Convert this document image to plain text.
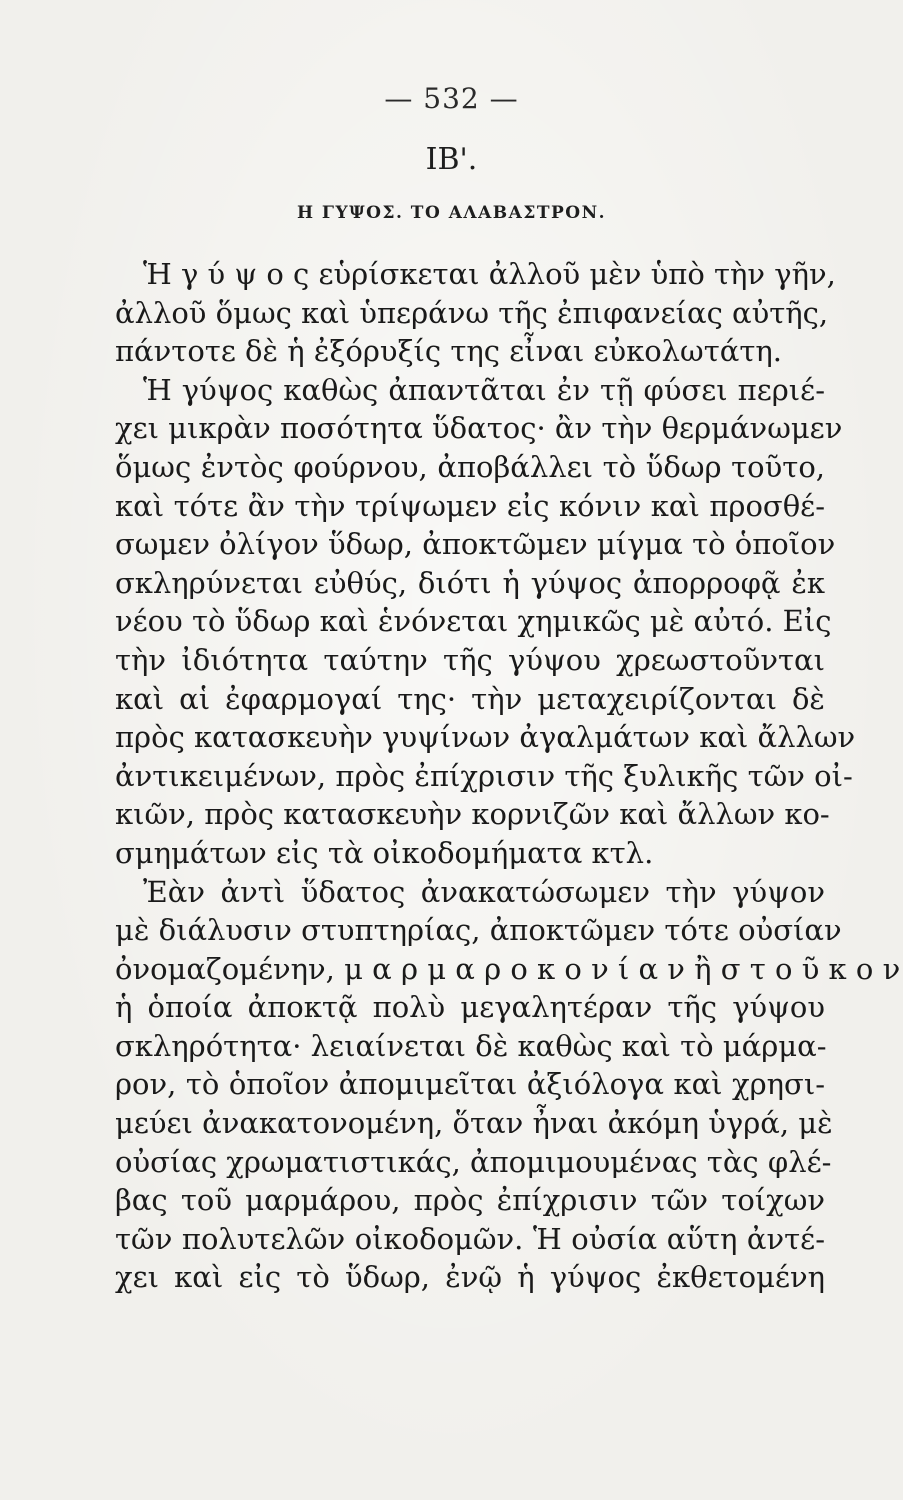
— 532 —
IΒ'.
Η ΓΥΨΟΣ. ΤΟ ΑΛΑΒΑΣΤΡΟΝ.
Ἡ γ ύ ψ ο ς εὑρίσκεται ἀλλοῦ μὲν ὑπὸ τὴν γῆν,
ἀλλοῦ ὅμως καὶ ὑπεράνω τῆς ἐπιφανείας αὐτῆς,
πάντοτε δὲ ἡ ἐξόρυξίς της εἶναι εὐκολωτάτη.
Ἡ γύψος καθὼς ἀπαντᾶται ἐν τῇ φύσει περιέ-
χει μικρὰν ποσότητα ὕδατος· ἂν τὴν θερμάνωμεν
ὅμως ἐντὸς φούρνου, ἀποβάλλει τὸ ὕδωρ τοῦτο,
καὶ τότε ἂν τὴν τρίψωμεν εἰς κόνιν καὶ προσθέ-
σωμεν ὀλίγον ὕδωρ, ἀποκτῶμεν μίγμα τὸ ὁποῖον
σκληρύνεται εὐθύς, διότι ἡ γύψος ἀπορροφᾷ ἐκ
νέου τὸ ὕδωρ καὶ ἑνόνεται χημικῶς μὲ αὐτό. Εἰς
τὴν ἰδιότητα ταύτην τῆς γύψου χρεωστοῦνται
καὶ αἱ ἐφαρμογαί της· τὴν μεταχειρίζονται δὲ
πρὸς κατασκευὴν γυψίνων ἀγαλμάτων καὶ ἄλλων
ἀντικειμένων, πρὸς ἐπίχρισιν τῆς ξυλικῆς τῶν οἰ-
κιῶν, πρὸς κατασκευὴν κορνιζῶν καὶ ἄλλων κο-
σμημάτων εἰς τὰ οἰκοδομήματα κτλ.
Ἐὰν ἀντὶ ὕδατος ἀνακατώσωμεν τὴν γύψον
μὲ διάλυσιν στυπτηρίας, ἀποκτῶμεν τότε οὐσίαν
ὀνομαζομένην, μ α ρ μ α ρ ο κ ο ν ί α ν ἢ σ τ ο ῦ κ ο ν
ἡ ὁποία ἀποκτᾷ πολὺ μεγαλητέραν τῆς γύψου
σκληρότητα· λειαίνεται δὲ καθὼς καὶ τὸ μάρμα-
ρον, τὸ ὁποῖον ἀπομιμεῖται ἀξιόλογα καὶ χρησι-
μεύει ἀνακατονομένη, ὅταν ἦναι ἀκόμη ὑγρά, μὲ
οὐσίας χρωματιστικάς, ἀπομιμουμένας τὰς φλέ-
βας τοῦ μαρμάρου, πρὸς ἐπίχρισιν τῶν τοίχων
τῶν πολυτελῶν οἰκοδομῶν. Ἡ οὐσία αὕτη ἀντέ-
χει καὶ εἰς τὸ ὕδωρ, ἐνῷ ἡ γύψος ἐκθετομένη
